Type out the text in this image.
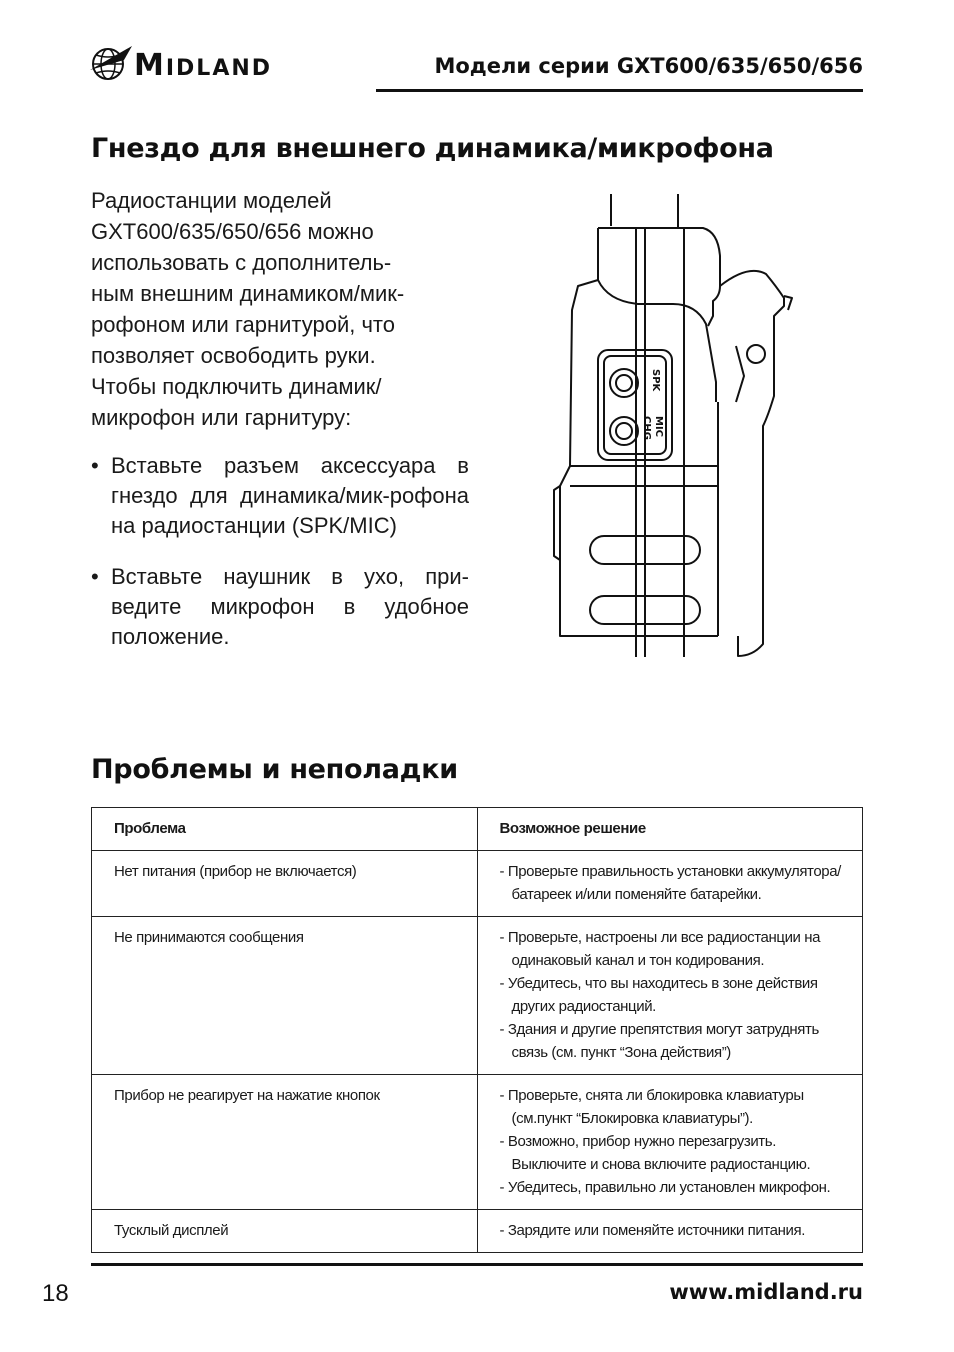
MIDLAND	Модели серии GXT600/635/650/656
Гнездо для внешнего динамика/микрофона

Радиостанции моделей
GXT600/635/650/656 можно
использовать с дополнитель-
ным внешним динамиком/мик-
рофоном или гарнитурой, что
позволяет освободить руки.
Чтобы подключить динамик/
микрофон или гарнитуру:

• Вставьте разъем аксессуара в гнездо для динамика/мик-рофона на радиостанции (SPK/MIC)
• Вставьте наушник в ухо, при-ведите микрофон в удобное положение.
SPK
MIC
CHG
Проблемы и неполадки
Проблема	Возможное решение
Нет питания (прибор не включается)	- Проверьте правильность установки аккумулятора/батареек и/или поменяйте батарейки.

Не принимаются сообщения	- Проверьте, настроены ли все радиостанции на одинаковый канал и тон кодирования.
- Убедитесь, что вы находитесь в зоне действия других радиостанций.
- Здания и другие препятствия могут затруднять связь (см. пункт “Зона действия”)

Прибор не реагирует на нажатие кнопок	- Проверьте, снята ли блокировка клавиатуры (см.пункт “Блокировка клавиатуры”).
- Возможно, прибор нужно перезагрузить. Выключите и снова включите радиостанцию.
- Убедитесь, правильно ли установлен микрофон.

Тусклый дисплей	- Зарядите или поменяйте источники питания.
18	www.midland.ru
